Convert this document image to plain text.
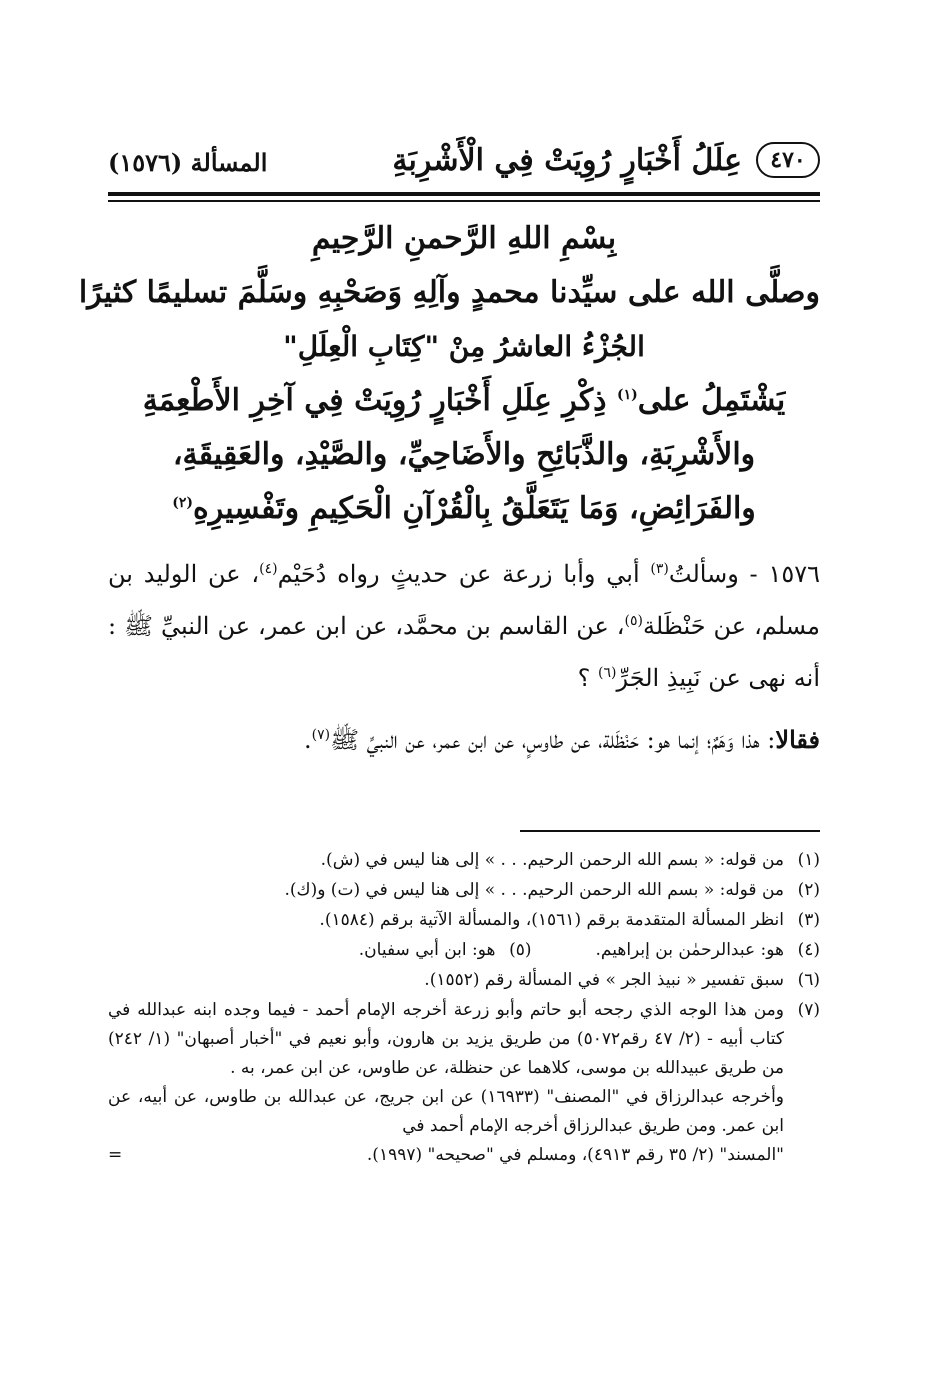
٤٧٠
عِلَلُ أَخْبَارٍ رُوِيَتْ فِي الْأَشْرِبَةِ
المسألة (١٥٧٦)
بِسْمِ اللهِ الرَّحمنِ الرَّحِيمِ
وصلَّى الله على سيِّدنا محمدٍ وآلِهِ وَصَحْبِهِ وسَلَّمَ تسليمًا كثيرًا
الجُزْءُ العاشرُ مِنْ "كِتَابِ الْعِلَلِ"
يَشْتَمِلُ على$^{(١)}$ ذِكْرِ عِلَلِ أَخْبَارٍ رُوِيَتْ فِي آخِرِ الأَطْعِمَةِ
والأَشْرِبَةِ، والذَّبَائِحِ والأَضَاحِيِّ، والصَّيْدِ، والعَقِيقَةِ،
والفَرَائِضِ، وَمَا يَتَعَلَّقُ بِالْقُرْآنِ الْحَكِيمِ وتَفْسِيرِهِ$^{(٢)}$

١٥٧٦ - وسألتُ$^{(٣)}$ أبي وأبا زرعة عن حديثٍ رواه دُحَيْم$^{(٤)}$، عن الوليد بن مسلم، عن حَنْظَلة$^{(٥)}$، عن القاسم بن محمَّد، عن ابن عمر، عن النبيِّ ﷺ : أنه نهى عن نَبِيذِ الجَرِّ$^{(٦)}$ ؟

فقالا: هذا وَهَمٌ؛ إنما هو: حَنْظَلة، عن طاوسٍ، عن ابن عمر، عن النبيِّ ﷺ$^{(٧)}$.

(١)
من قوله: « بسم الله الرحمن الرحيم. . . » إلى هنا ليس في (ش).
(٢)
من قوله: « بسم الله الرحمن الرحيم. . . » إلى هنا ليس في (ت) و(ك).
(٣)
انظر المسألة المتقدمة برقم (١٥٦١)، والمسألة الآتية برقم (١٥٨٤).
(٤)
هو: عبدالرحمٰن بن إبراهيم.
(٥)
هو: ابن أبي سفيان.
(٦)
سبق تفسير « نبيذ الجر » في المسألة رقم (١٥٥٢).
(٧)
ومن هذا الوجه الذي رجحه أبو حاتم وأبو زرعة أخرجه الإمام أحمد - فيما وجده ابنه عبدالله في كتاب أبيه - (٢/ ٤٧ رقم٥٠٧٢) من طريق يزيد بن هارون، وأبو نعيم في "أخبار أصبهان" (١/ ٢٤٢) من طريق عبيدالله بن موسى، كلاهما عن حنظلة، عن طاوس، عن ابن عمر، به .
وأخرجه عبدالرزاق في "المصنف" (١٦٩٣٣) عن ابن جريج، عن عبدالله بن طاوس، عن أبيه، عن ابن عمر. ومن طريق عبدالرزاق أخرجه الإمام أحمد في
"المسند" (٢/ ٣٥ رقم ٤٩١٣)، ومسلم في "صحيحه" (١٩٩٧).
=
